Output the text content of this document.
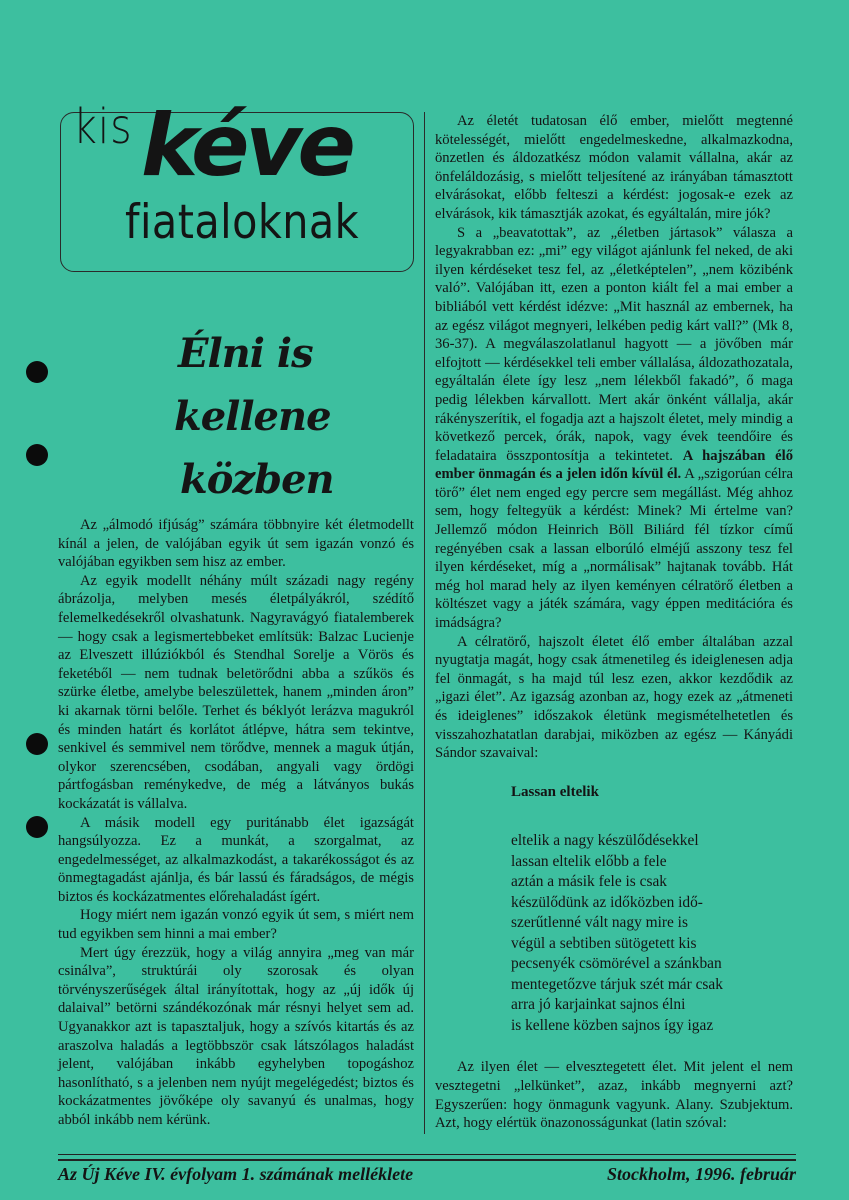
kis kéve
fiataloknak
Élni is
kellene
közben

Az „álmodó ifjúság” számára többnyire két életmodellt kínál a jelen, de valójában egyik út sem igazán vonzó és valójában egyikben sem hisz az ember.

Az egyik modellt néhány múlt századi nagy regény ábrázolja, melyben mesés életpályákról, szédítő felemelkedésekről olvashatunk. Nagyravágyó fiatalemberek — hogy csak a legismertebbeket említsük: Balzac Lucienje az Elveszett illúziókból és Stendhal Sorelje a Vörös és feketéből — nem tudnak beletörődni abba a szűkös és szürke életbe, amelybe beleszülettek, hanem „minden áron” ki akarnak törni belőle. Terhet és béklyót lerázva magukról és minden határt és korlátot átlépve, hátra sem tekintve, senkivel és semmivel nem törődve, mennek a maguk útján, olykor szerencsében, csodában, angyali vagy ördögi pártfogásban reménykedve, de még a látványos bukás kockázatát is vállalva.

A másik modell egy puritánabb élet igazságát hangsúlyozza. Ez a munkát, a szorgalmat, az engedelmességet, az alkalmazkodást, a takarékosságot és az önmegtagadást ajánlja, és bár lassú és fáradságos, de mégis biztos és kockázatmentes előrehaladást ígért.

Hogy miért nem igazán vonzó egyik út sem, s miért nem tud egyikben sem hinni a mai ember?

Mert úgy érezzük, hogy a világ annyira „meg van már csinálva”, struktúrái oly szorosak és olyan törvényszerűségek által irányítottak, hogy az „új idők új dalaival” betörni szándékozónak már résnyi helyet sem ad. Ugyanakkor azt is tapasztaljuk, hogy a szívós kitartás és az araszolva haladás a legtöbbször csak látszólagos haladást jelent, valójában inkább egyhelyben topogáshoz hasonlítható, s a jelenben nem nyújt megelégedést; biztos és kockázatmentes jövőképe oly savanyú és unalmas, hogy abból inkább nem kérünk.

Az életét tudatosan élő ember, mielőtt megtenné kötelességét, mielőtt engedelmeskedne, alkalmazkodna, önzetlen és áldozatkész módon valamit vállalna, akár az önfeláldozásig, s mielőtt teljesítené az irányában támasztott elvárásokat, előbb felteszi a kérdést: jogosak-e ezek az elvárások, kik támasztják azokat, és egyáltalán, mire jók?

S a „beavatottak”, az „életben jártasok” válasza a legyakrabban ez: „mi” egy világot ajánlunk fel neked, de aki ilyen kérdéseket tesz fel, az „életképtelen”, „nem közibénk való”. Valójában itt, ezen a ponton kiált fel a mai ember a bibliából vett kérdést idézve: „Mit használ az embernek, ha az egész világot megnyeri, lelkében pedig kárt vall?” (Mk 8, 36-37). A megválaszolatlanul hagyott — a jövőben már elfojtott — kérdésekkel teli ember vállalása, áldozathozatala, egyáltalán élete így lesz „nem lélekből fakadó”, ő maga pedig lélekben kárvallott. Mert akár önként vállalja, akár rákényszerítik, el fogadja azt a hajszolt életet, mely mindig a következő percek, órák, napok, vagy évek teendőire és feladataira összpontosítja a tekintetet. A hajszában élő ember önmagán és a jelen időn kívül él. A „szigorúan célra törő” élet nem enged egy percre sem megállást. Még ahhoz sem, hogy feltegyük a kérdést: Minek? Mi értelme van? Jellemző módon Heinrich Böll Biliárd fél tízkor című regényében csak a lassan elborúló elméjű asszony tesz fel ilyen kérdéseket, míg a „normálisak” hajtanak tovább. Hát még hol marad hely az ilyen keményen célratörő életben a költészet vagy a játék számára, vagy éppen meditációra és imádságra?

A célratörő, hajszolt életet élő ember általában azzal nyugtatja magát, hogy csak átmenetileg és ideiglenesen adja fel önmagát, s ha majd túl lesz ezen, akkor kezdődik az „igazi élet”. Az igazság azonban az, hogy ezek az „átmeneti és ideiglenes” időszakok életünk megismételhetetlen és visszahozhatatlan darabjai, miközben az egész — Kányádi Sándor szavaival:

Lassan eltelik
eltelik a nagy készülődésekkel
lassan eltelik előbb a fele
aztán a másik fele is csak
készülődünk az időközben idő-
szerűtlenné vált nagy mire is
végül a sebtiben sütögetett kis
pecsenyék csömörével a szánkban
mentegetőzve tárjuk szét már csak
arra jó karjainkat sajnos élni
is kellene közben sajnos így igaz

Az ilyen élet — elvesztegetett élet. Mit jelent el nem vesztegetni „lelkünket”, azaz, inkább megnyerni azt? Egyszerűen: hogy önmagunk vagyunk. Alany. Szubjektum. Azt, hogy elértük önazonosságunkat (latin szóval:

Az Új Kéve IV. évfolyam 1. számának melléklete	Stockholm, 1996. február
